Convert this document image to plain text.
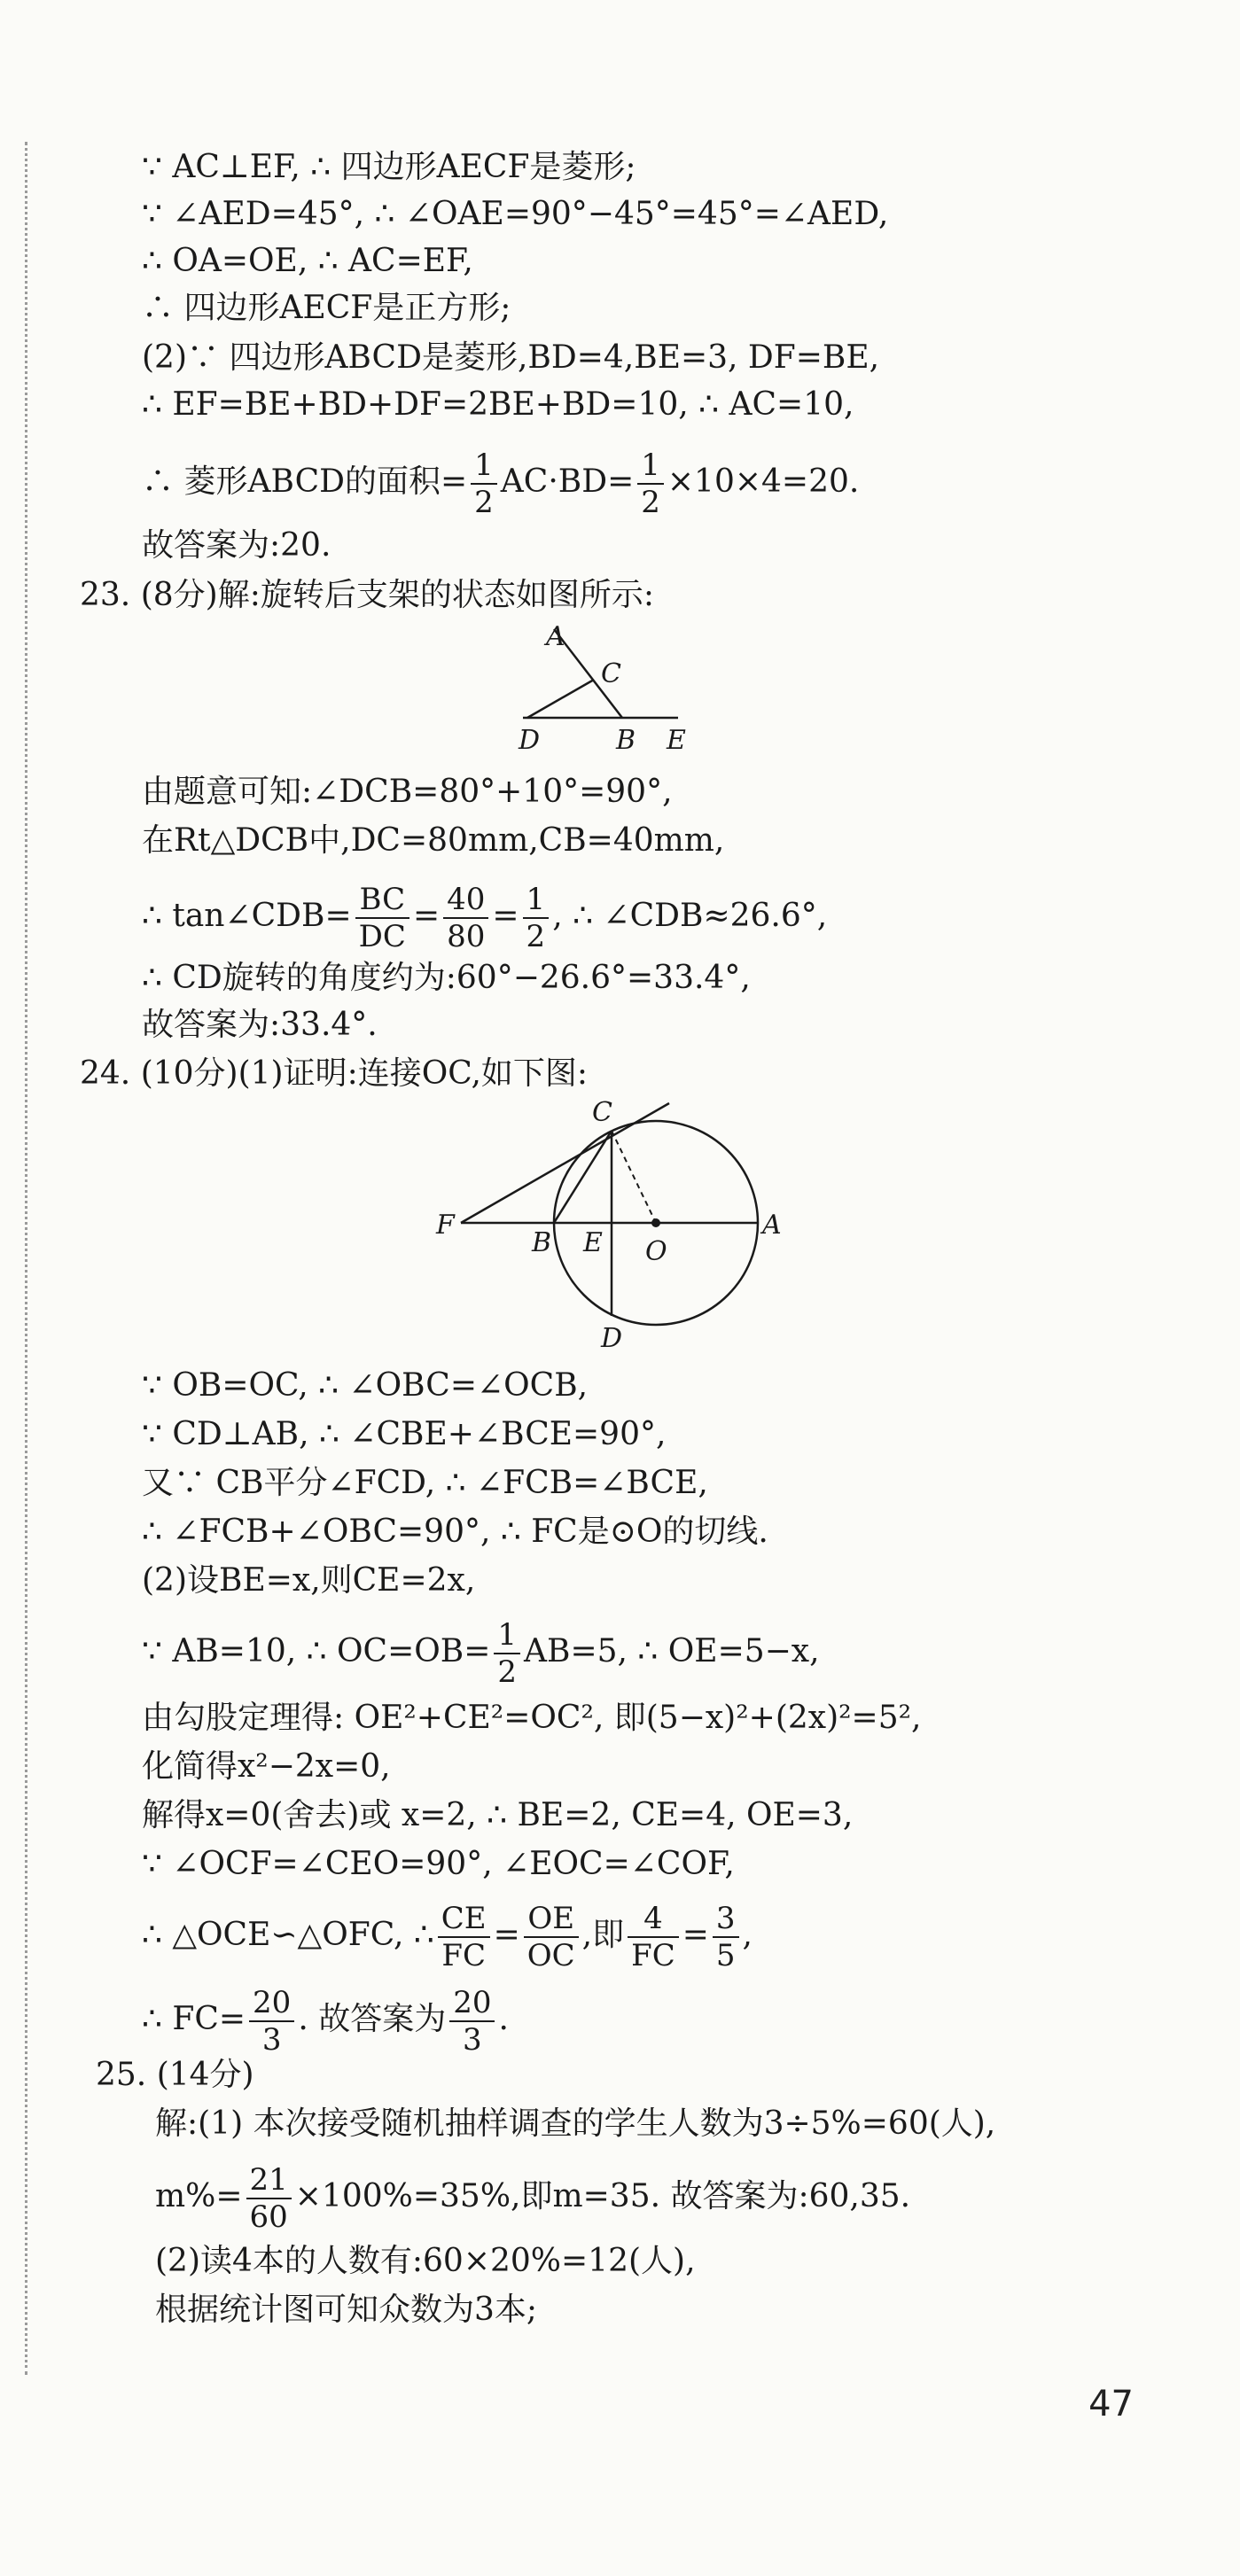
∵ AC⊥EF, ∴ 四边形AECF是菱形;
∵ ∠AED=45°, ∴ ∠OAE=90°−45°=45°=∠AED,
∴ OA=OE, ∴ AC=EF,
∴ 四边形AECF是正方形;
(2)∵ 四边形ABCD是菱形,BD=4,BE=3, DF=BE,
∴ EF=BE+BD+DF=2BE+BD=10, ∴ AC=10,
∴ 菱形ABCD的面积= $\frac{1}{2} AC\cdot BD= \frac{1}{2} \times 10\times 4=20$.
故答案为:20.
23. (8分)解:旋转后支架的状态如图所示:
A
C
D	B E
由题意可知:∠DCB=80°+10°=90°,
在Rt△DCB中,DC=80mm,CB=40mm,
∴ tan∠CDB= $\frac{BC}{DC} = \frac{40}{80} = \frac{1}{2}$ , ∴ ∠CDB≈26.6°,
∴ CD旋转的角度约为:60°−26.6°=33.4°,
故答案为:33.4°.
24. (10分)(1)证明:连接OC,如下图:
C
F
B E O
A
D
∵ OB=OC, ∴ ∠OBC=∠OCB,
∵ CD⊥AB, ∴ ∠CBE+∠BCE=90°,
又∵ CB平分∠FCD, ∴ ∠FCB=∠BCE,
∴ ∠FCB+∠OBC=90°, ∴ FC是⊙O的切线.
(2)设BE=x,则CE=2x,
∵ AB=10, ∴ $OC=OB= \frac{1}{2} AB=5$, ∴ OE=5−x,
由勾股定理得: OE²+CE²=OC², 即(5−x)²+(2x)²=5²,
化简得x²−2x=0,
解得x=0(舍去)或 x=2, ∴ BE=2, CE=4, OE=3,
∵ ∠OCF=∠CEO=90°, ∠EOC=∠COF,
∴ △OCE∽△OFC, ∴ $\frac{CE}{FC} = \frac{OE}{OC}$ ,即 $\frac{4}{FC} = \frac{3}{5}$ ,
∴ $FC= \frac{20}{3}$ . 故答案为 $\frac{20}{3}$ .
25. (14分)
解:(1) 本次接受随机抽样调查的学生人数为3÷5%=60(人),
$m\%= \frac{21}{60} \times 100\%=35\%$,即m=35. 故答案为:60,35.
(2)读4本的人数有:60×20%=12(人),
根据统计图可知众数为3本;
47
